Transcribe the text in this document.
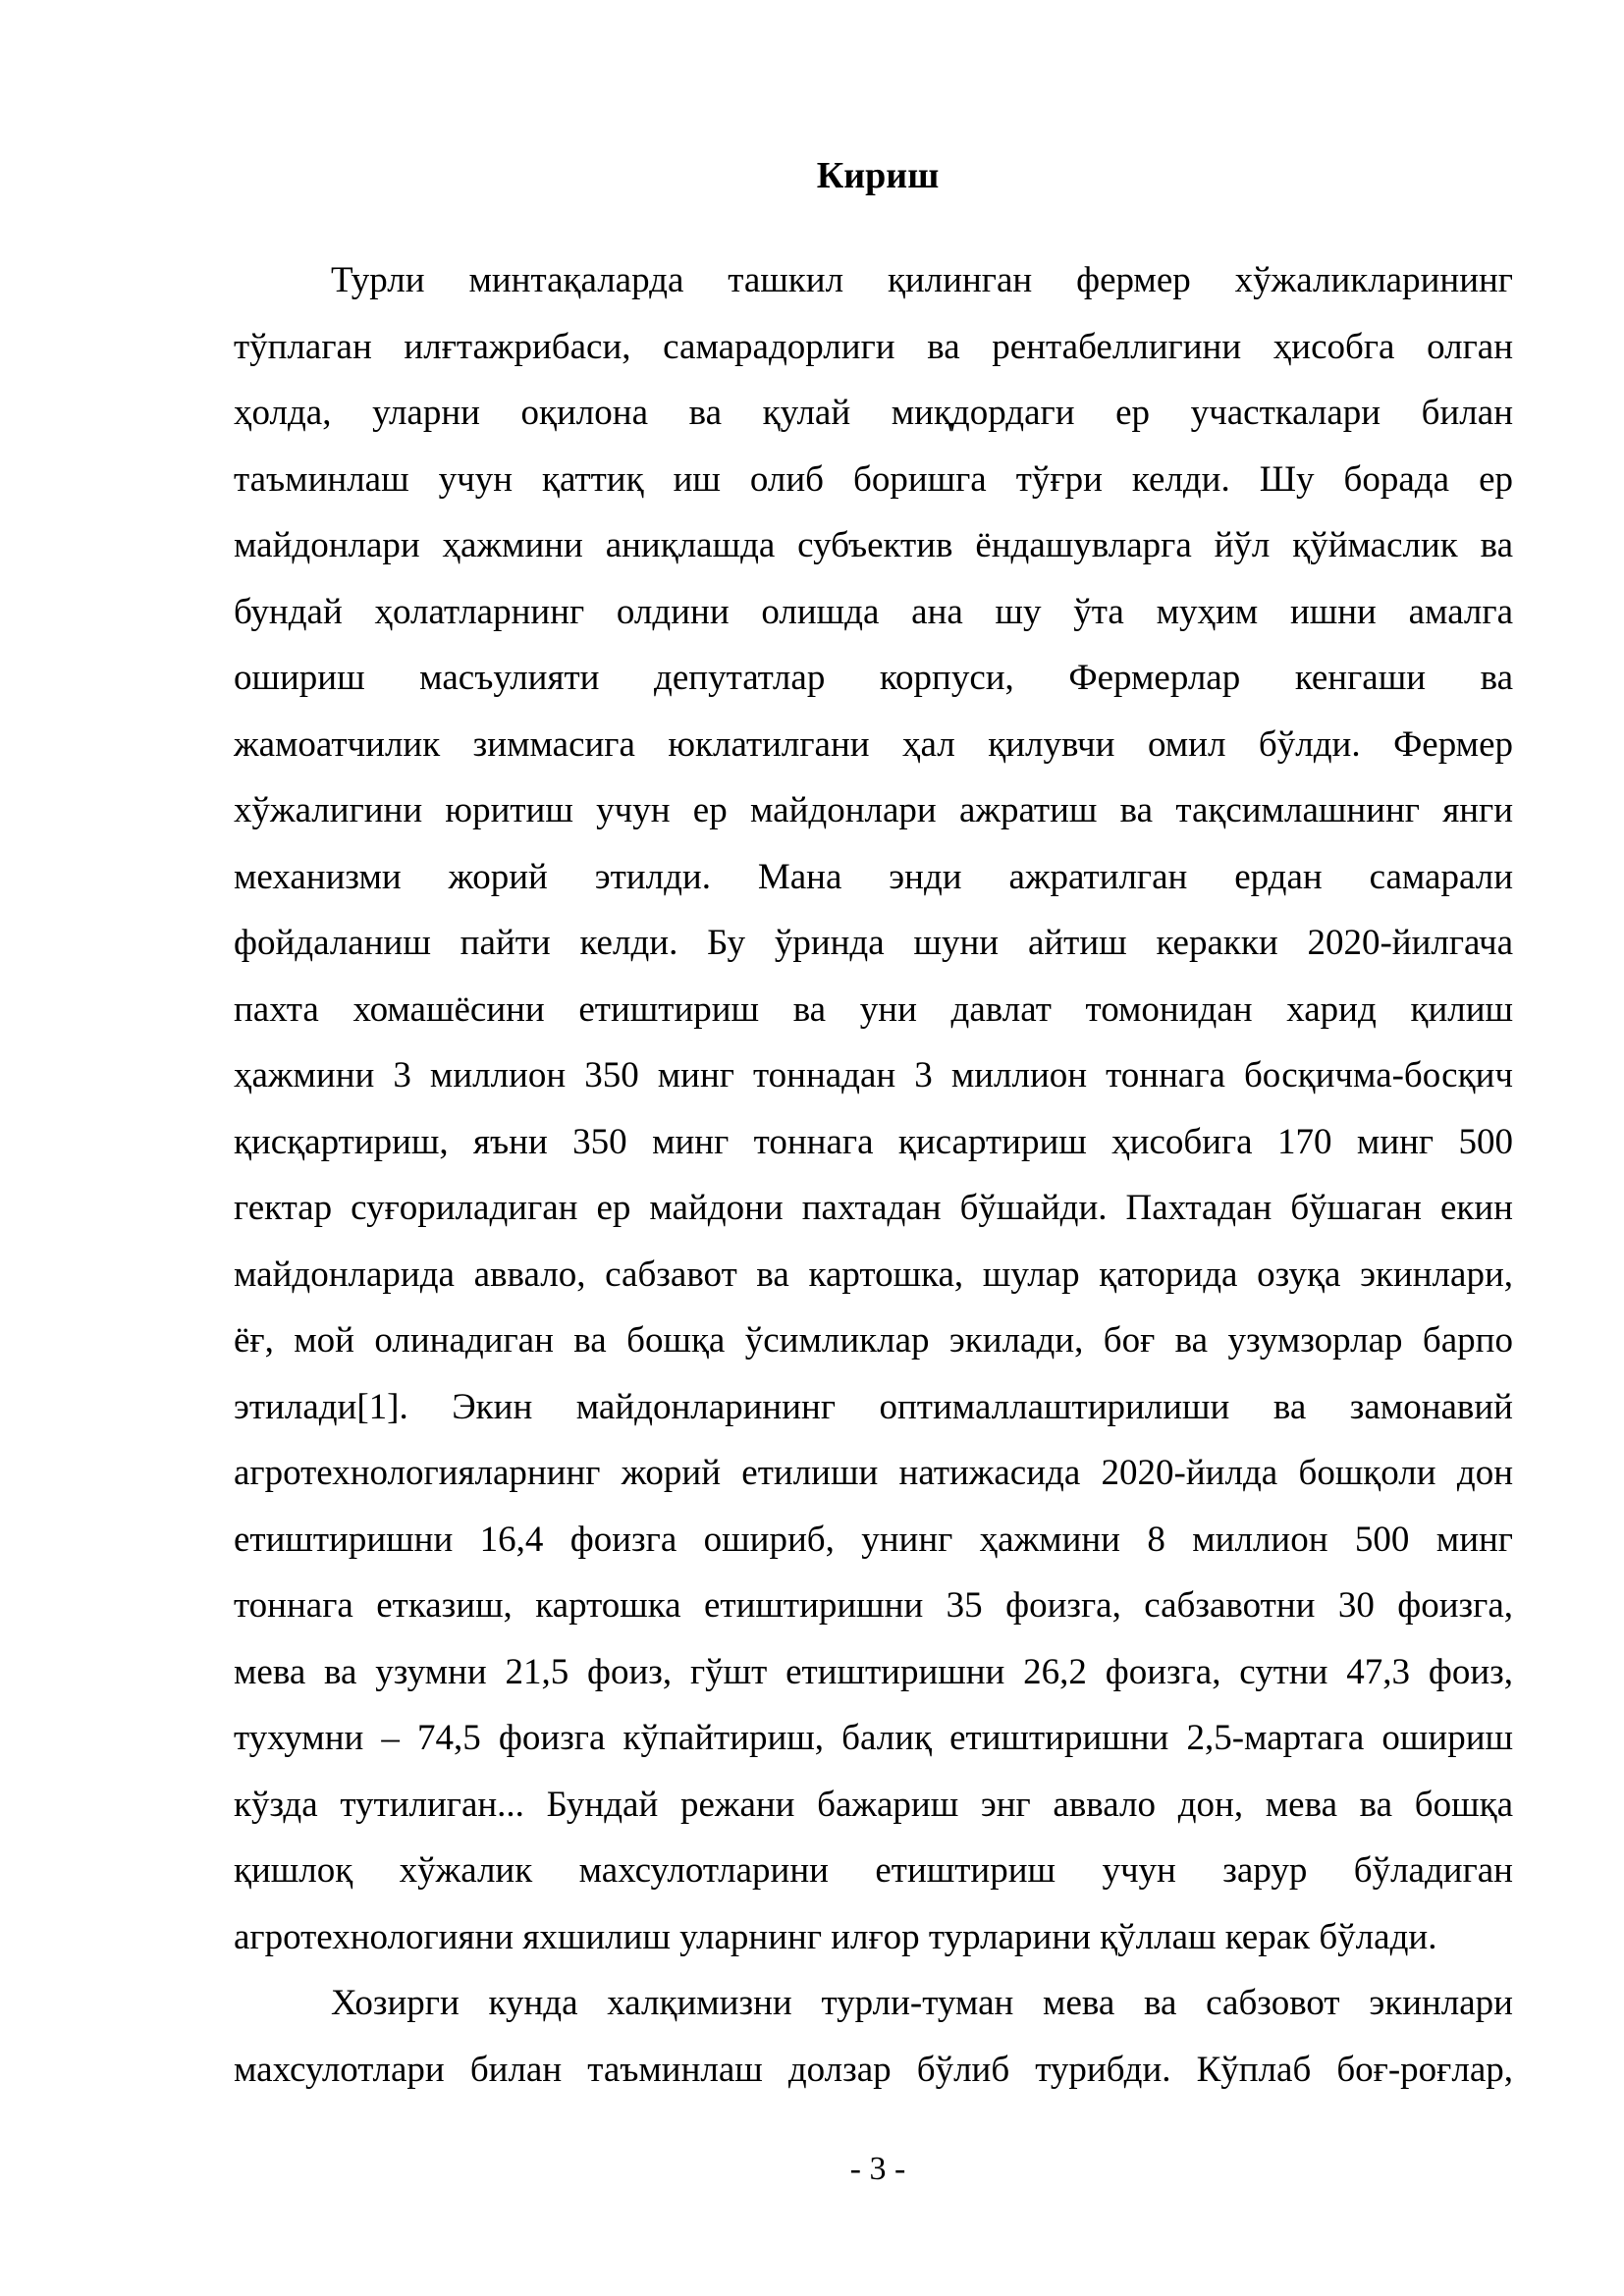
Кириш
Турли минтақаларда ташкил қилинган фермер хўжаликларининг
тўплаган илғтажрибаси, самарадорлиги ва рентабеллигини ҳисобга олган
ҳолда, уларни оқилона ва қулай миқдордаги ер участкалари билан
таъминлаш учун қаттиқ иш олиб боришга тўғри келди. Шу борада ер
майдонлари ҳажмини аниқлашда субъектив ёндашувларга йўл қўймаслик ва
бундай ҳолатларнинг олдини олишда ана шу ўта муҳим ишни амалга
ошириш масъулияти депутатлар корпуси, Фермерлар кенгаши ва
жамоатчилик зиммасига юклатилгани ҳал қилувчи омил бўлди. Фермер
хўжалигини юритиш учун ер майдонлари ажратиш ва тақсимлашнинг янги
механизми жорий этилди. Мана энди ажратилган ердан самарали
фойдаланиш пайти келди. Бу ўринда шуни айтиш керакки 2020-йилгача
пахта хомашёсини етиштириш ва уни давлат томонидан харид қилиш
ҳажмини 3 миллион 350 минг тоннадан 3 миллион тоннага босқичма-босқич
қисқартириш, яъни 350 минг тоннага қисартириш ҳисобига 170 минг 500
гектар суғориладиган ер майдони пахтадан бўшайди. Пахтадан бўшаган екин
майдонларида аввало, сабзавот ва картошка, шулар қаторида озуқа экинлари,
ёғ, мой олинадиган ва бошқа ўсимликлар экилади, боғ ва узумзорлар барпо
этилади[1]. Экин майдонларининг оптималлаштирилиши ва замонавий
агротехнологияларнинг жорий етилиши натижасида 2020-йилда бошқоли дон
етиштиришни 16,4 фоизга ошириб, унинг ҳажмини 8 миллион 500 минг
тоннага етказиш, картошка етиштиришни 35 фоизга, сабзавотни 30 фоизга,
мева ва узумни 21,5 фоиз, гўшт етиштиришни 26,2 фоизга, сутни 47,3 фоиз,
тухумни – 74,5 фоизга кўпайтириш, балиқ етиштиришни 2,5-мартага ошириш
кўзда тутилиган... Бундай режани бажариш энг аввало дон, мева ва бошқа
қишлоқ хўжалик махсулотларини етиштириш учун зарур бўладиган
агротехнологияни яхшилиш уларнинг илғор турларини қўллаш керак бўлади.
Хозирги кунда халқимизни турли-туман мева ва сабзовот экинлари
махсулотлари билан таъминлаш долзар бўлиб турибди. Кўплаб боғ-роғлар,
- 3 -
